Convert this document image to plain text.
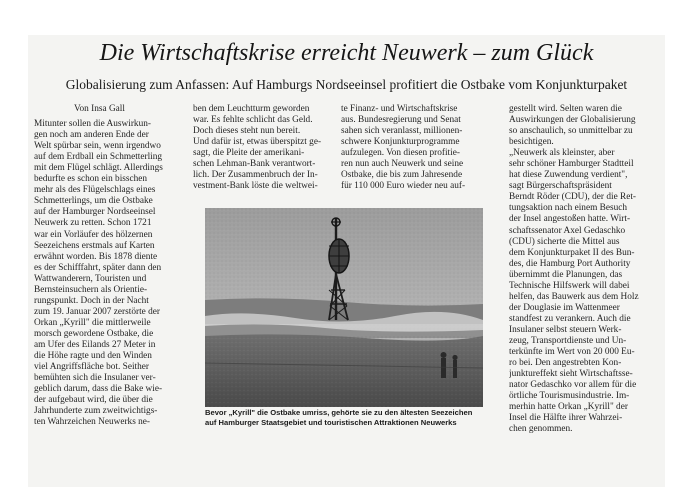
Die Wirtschaftskrise erreicht Neuwerk – zum Glück
Globalisierung zum Anfassen: Auf Hamburgs Nordseeinsel profitiert die Ostbake vom Konjunkturpaket
Von Insa Gall
Mitunter sollen die Auswirkun-
gen noch am anderen Ende der
Welt spürbar sein, wenn irgendwo
auf dem Erdball ein Schmetterling
mit dem Flügel schlägt. Allerdings
bedurfte es schon ein bisschen
mehr als des Flügelschlags eines
Schmetterlings, um die Ostbake
auf der Hamburger Nordseeinsel
Neuwerk zu retten. Schon 1721
war ein Vorläufer des hölzernen
Seezeichens erstmals auf Karten
erwähnt worden. Bis 1878 diente
es der Schifffahrt, später dann den
Wattwanderern, Touristen und
Bernsteinsuchern als Orientie-
rungspunkt. Doch in der Nacht
zum 19. Januar 2007 zerstörte der
Orkan „Kyrill" die mittlerweile
morsch gewordene Ostbake, die
am Ufer des Eilands 27 Meter in
die Höhe ragte und den Winden
viel Angriffsfläche bot. Seither
bemühten sich die Insulaner ver-
geblich darum, dass die Bake wie-
der aufgebaut wird, die über die
Jahrhunderte zum zweitwichtigs-
ten Wahrzeichen Neuwerks ne-
ben dem Leuchtturm geworden
war. Es fehlte schlicht das Geld.
Doch dieses steht nun bereit.
Und dafür ist, etwas überspitzt ge-
sagt, die Pleite der amerikani-
schen Lehman-Bank verantwort-
lich. Der Zusammenbruch der In-
vestment-Bank löste die weltwei-
te Finanz- und Wirtschaftskrise
aus. Bundesregierung und Senat
sahen sich veranlasst, millionen-
schwere Konjunkturprogramme
aufzulegen. Von diesen profitie-
ren nun auch Neuwerk und seine
Ostbake, die bis zum Jahresende
für 110 000 Euro wieder neu auf-
gestellt wird. Selten waren die
Auswirkungen der Globalisierung
so anschaulich, so unmittelbar zu
besichtigen.
„Neuwerk als kleinster, aber
sehr schöner Hamburger Stadtteil
hat diese Zuwendung verdient",
sagt Bürgerschaftspräsident
Berndt Röder (CDU), der die Ret-
tungsaktion nach einem Besuch
der Insel angestoßen hatte. Wirt-
schaftssenator Axel Gedaschko
(CDU) sicherte die Mittel aus
dem Konjunkturpaket II des Bun-
des, die Hamburg Port Authority
übernimmt die Planungen, das
Technische Hilfswerk will dabei
helfen, das Bauwerk aus dem Holz
der Douglasie im Wattenmeer
standfest zu verankern. Auch die
Insulaner selbst steuern Werk-
zeug, Transportdienste und Un-
terkünfte im Wert von 20 000 Eu-
ro bei. Den angestrebten Kon-
junktureffekt sieht Wirtschaftsse-
nator Gedaschko vor allem für die
örtliche Tourismusindustrie. Im-
merhin hatte Orkan „Kyrill" der
Insel die Hälfte ihrer Wahrzei-
chen genommen.
Bevor „Kyrill" die Ostbake umriss, gehörte sie zu den ältesten Seezeichen
auf Hamburger Staatsgebiet und touristischen Attraktionen Neuwerks
